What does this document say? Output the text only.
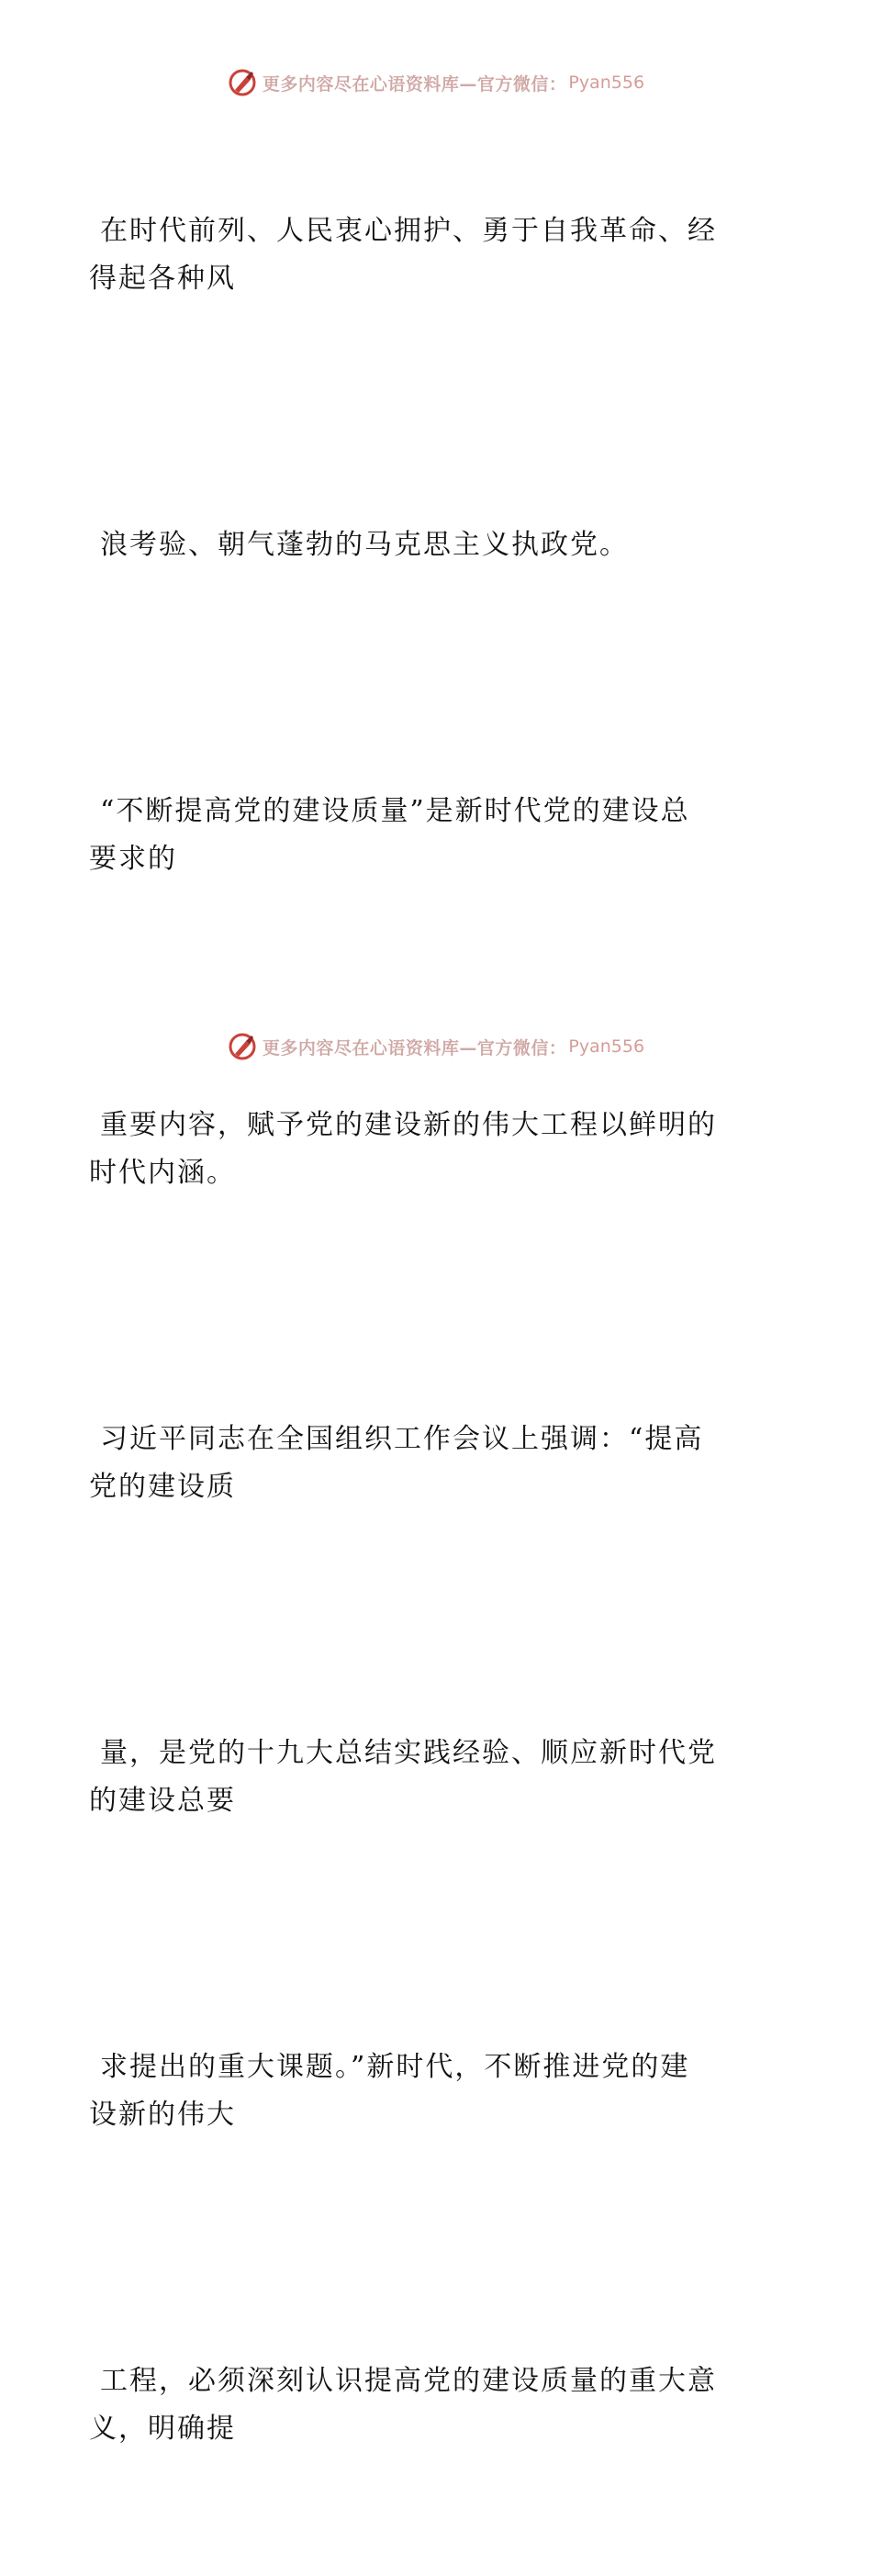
更多内容尽在心语资料库—官方微信： Pyan556

在时代前列、人民衷心拥护、勇于自我革命、经
得起各种风

浪考验、朝气蓬勃的马克思主义执政党。

“不断提高党的建设质量”是新时代党的建设总
要求的

重要内容，赋予党的建设新的伟大工程以鲜明的
时代内涵。

习近平同志在全国组织工作会议上强调：“提高
党的建设质

量，是党的十九大总结实践经验、顺应新时代党
的建设总要

求提出的重大课题。”新时代，不断推进党的建
设新的伟大

工程，必须深刻认识提高党的建设质量的重大意
义，明确提

更多内容尽在心语资料库—官方微信： Pyan556
